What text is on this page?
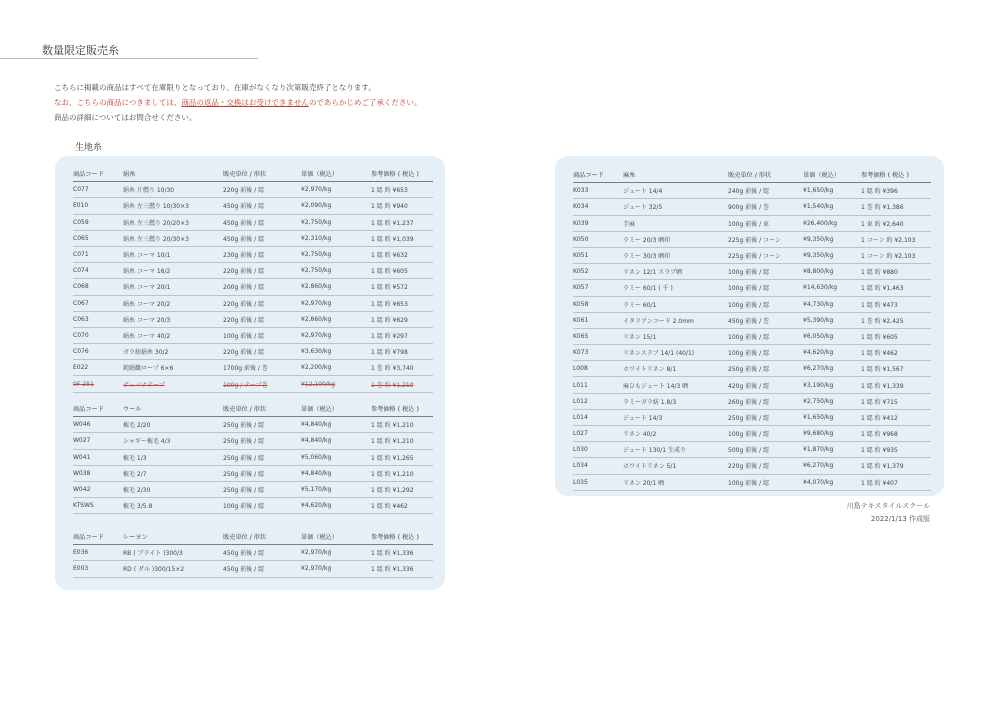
数量限定販売糸
こちらに掲載の商品はすべて在庫限りとなっており、在庫がなくなり次第販売終了となります。
なお、こちらの商品につきましては、商品の返品・交換はお受けできませんのであらかじめご了承ください。
商品の詳細についてはお問合せください。
生地糸
商品コード	絹糸	販売単位 / 形状	単価（税込）	参考価格 ( 税込 )
C077	絹糸 片撚り 10/30	220g 前後 / 綛	¥2,970/kg	1 綛 約 ¥653
E010	絹糸 左三撚り 10/30×3	450g 前後 / 綛	¥2,090/kg	1 綛 約 ¥940
C059	絹糸 左三撚り 20/20×3	450g 前後 / 綛	¥2,750/kg	1 綛 約 ¥1,237
C065	絹糸 左三撚り 20/30×3	450g 前後 / 綛	¥2,310/kg	1 綛 約 ¥1,039
C071	絹糸 コーマ 10/1	230g 前後 / 綛	¥2,750/kg	1 綛 約 ¥632
C074	絹糸 コーマ 16/2	220g 前後 / 綛	¥2,750/kg	1 綛 約 ¥605
C068	絹糸 コーマ 20/1	200g 前後 / 綛	¥2,860/kg	1 綛 約 ¥572
C067	絹糸 コーマ 20/2	220g 前後 / 綛	¥2,970/kg	1 綛 約 ¥653
C063	絹糸 コーマ 20/3	220g 前後 / 綛	¥2,860/kg	1 綛 約 ¥629
C070	絹糸 コーマ 40/2	100g 前後 / 綛	¥2,970/kg	1 綛 約 ¥297
C076	ガラ紡絹糸 30/2	220g 前後 / 綛	¥3,630/kg	1 綛 約 ¥798
E022	純絹織ロープ 6×6	1700g 前後 / 巻	¥2,200/kg	1 巻 約 ¥3,740
0F-251	ポッパナテープ	100g / テープ巻	¥12,100/kg	1 巻 約 ¥1,210
商品コード	ウール	販売単位 / 形状	単価（税込）	参考価格 ( 税込 )
W046	梳毛 2/20	250g 前後 / 綛	¥4,840/kg	1 綛 約 ¥1,210
W027	シャギー梳毛 4/3	250g 前後 / 綛	¥4,840/kg	1 綛 約 ¥1,210
W041	梳毛 1/3	250g 前後 / 綛	¥5,060/kg	1 綛 約 ¥1,265
W038	梳毛 2/7	250g 前後 / 綛	¥4,840/kg	1 綛 約 ¥1,210
W042	梳毛 2/30	250g 前後 / 綛	¥5,170/kg	1 綛 約 ¥1,292
KTSWS	梳毛 3/5.8	100g 前後 / 綛	¥4,620/kg	1 綛 約 ¥462
商品コード	レーヨン	販売単位 / 形状	単価（税込）	参考価格 ( 税込 )
E036	RB ( ブライト )300/3	450g 前後 / 綛	¥2,970/kg	1 綛 約 ¥1,336
E003	RD ( ダル )300/15×2	450g 前後 / 綛	¥2,970/kg	1 綛 約 ¥1,336
商品コード	麻糸	販売単位 / 形状	単価（税込）	参考価格 ( 税込 )
K033	ジュート 14/4	240g 前後 / 綛	¥1,650/kg	1 綛 約 ¥396
K034	ジュート 32/5	900g 前後 / 巻	¥1,540/kg	1 巻 約 ¥1,386
K039	芋麻	100g 前後 / 束	¥26,400/kg	1 束 約 ¥2,640
K050	ラミー 20/3 晒印	225g 前後 / コーン	¥9,350/kg	1 コーン 約 ¥2,103
K051	ラミー 30/3 晒印	225g 前後 / コーン	¥9,350/kg	1 コーン 約 ¥2,103
K052	リネン 12/1 スラブ晒	100g 前後 / 綛	¥8,800/kg	1 綛 約 ¥880
K057	ラミー 60/1 ( 千 )	100g 前後 / 綛	¥14,630/kg	1 綛 約 ¥1,463
K058	ラミー 60/1	100g 前後 / 綛	¥4,730/kg	1 綛 約 ¥473
K061	イタリアンコード 2.0mm	450g 前後 / 巻	¥5,390/kg	1 巻 約 ¥2,425
K065	リネン 15/1	100g 前後 / 綛	¥6,050/kg	1 綛 約 ¥605
K073	リネンスラブ 14/1 (40/1)	100g 前後 / 綛	¥4,620/kg	1 綛 約 ¥462
L008	ホワイトリネン 8/1	250g 前後 / 綛	¥6,270/kg	1 綛 約 ¥1,567
L011	麻ひもジュート 14/3 晒	420g 前後 / 綛	¥3,190/kg	1 綛 約 ¥1,339
L012	ラミーガラ紡 1.8/3	260g 前後 / 綛	¥2,750/kg	1 綛 約 ¥715
L014	ジュート 14/3	250g 前後 / 綛	¥1,650/kg	1 綛 約 ¥412
L027	リネン 40/2	100g 前後 / 綛	¥9,680/kg	1 綛 約 ¥968
L030	ジュート 130/1 生成り	500g 前後 / 綛	¥1,870/kg	1 綛 約 ¥935
L034	ホワイトリネン 5/1	220g 前後 / 綛	¥6,270/kg	1 綛 約 ¥1,379
L035	リネン 20/1 晒	100g 前後 / 綛	¥4,070/kg	1 綛 約 ¥407
川島テキスタイルスクール
2022/1/13 作成版
